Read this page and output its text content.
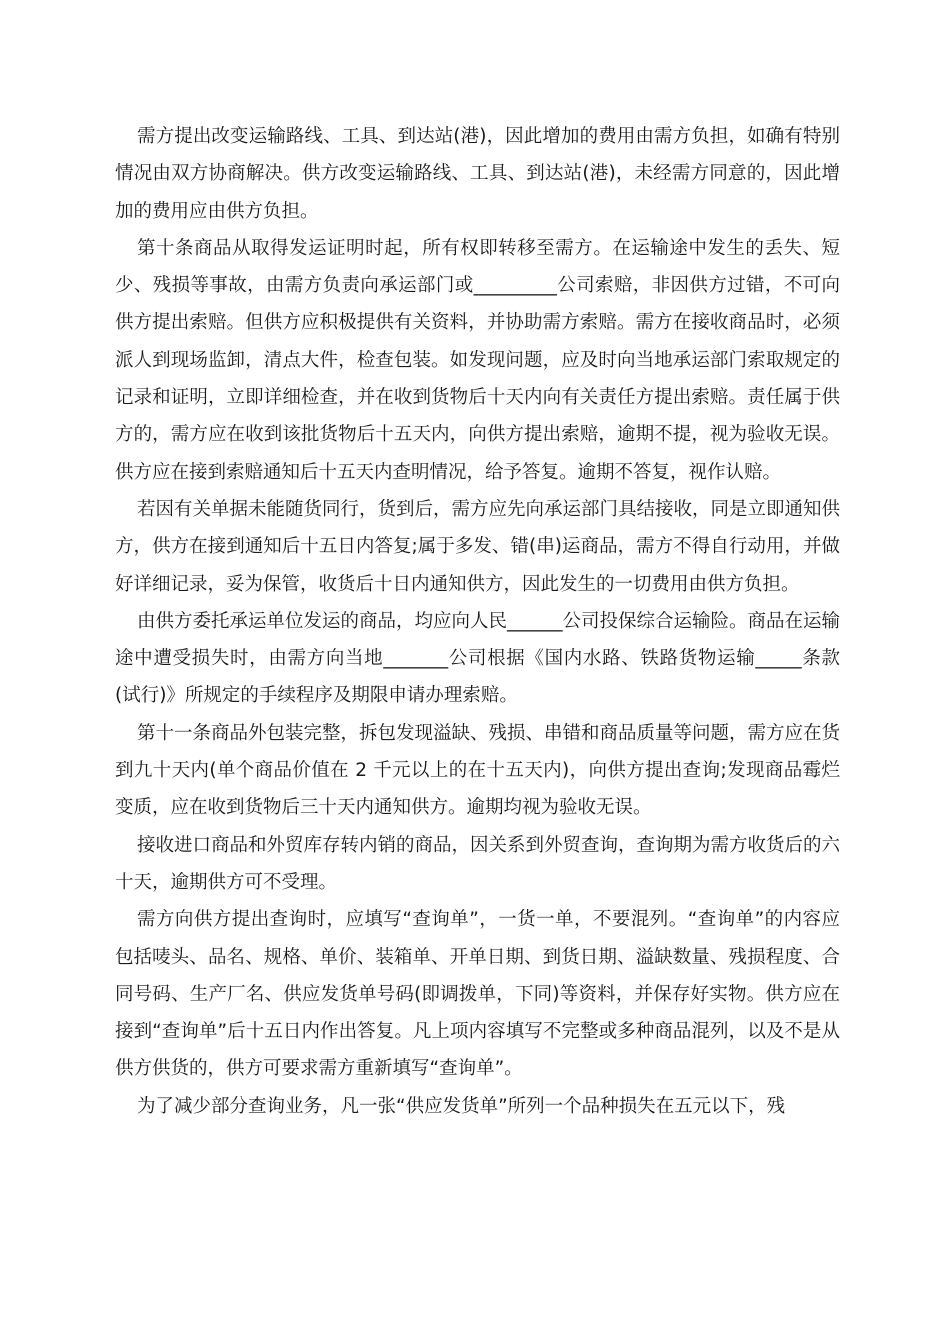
需方提出改变运输路线、工具、到达站(港)，因此增加的费用由需方负担，如确有特别情况由双方协商解决。供方改变运输路线、工具、到达站(港)，未经需方同意的，因此增加的费用应由供方负担。

第十条商品从取得发运证明时起，所有权即转移至需方。在运输途中发生的丢失、短少、残损等事故，由需方负责向承运部门或_________公司索赔，非因供方过错，不可向供方提出索赔。但供方应积极提供有关资料，并协助需方索赔。需方在接收商品时，必须派人到现场监卸，清点大件，检查包装。如发现问题，应及时向当地承运部门索取规定的记录和证明，立即详细检查，并在收到货物后十天内向有关责任方提出索赔。责任属于供方的，需方应在收到该批货物后十五天内，向供方提出索赔，逾期不提，视为验收无误。供方应在接到索赔通知后十五天内查明情况，给予答复。逾期不答复，视作认赔。

若因有关单据未能随货同行，货到后，需方应先向承运部门具结接收，同是立即通知供方，供方在接到通知后十五日内答复;属于多发、错(串)运商品，需方不得自行动用，并做好详细记录，妥为保管，收货后十日内通知供方，因此发生的一切费用由供方负担。

由供方委托承运单位发运的商品，均应向人民______公司投保综合运输险。商品在运输途中遭受损失时，由需方向当地_______公司根据《国内水路、铁路货物运输_____条款(试行)》所规定的手续程序及期限申请办理索赔。

第十一条商品外包装完整，拆包发现溢缺、残损、串错和商品质量等问题，需方应在货到九十天内(单个商品价值在 2 千元以上的在十五天内)，向供方提出查询;发现商品霉烂变质，应在收到货物后三十天内通知供方。逾期均视为验收无误。

接收进口商品和外贸库存转内销的商品，因关系到外贸查询，查询期为需方收货后的六十天，逾期供方可不受理。

需方向供方提出查询时，应填写“查询单”，一货一单，不要混列。“查询单”的内容应包括唛头、品名、规格、单价、装箱单、开单日期、到货日期、溢缺数量、残损程度、合同号码、生产厂名、供应发货单号码(即调拨单，下同)等资料，并保存好实物。供方应在接到“查询单”后十五日内作出答复。凡上项内容填写不完整或多种商品混列，以及不是从供方供货的，供方可要求需方重新填写“查询单”。

为了减少部分查询业务，凡一张“供应发货单”所列一个品种损失在五元以下，残
